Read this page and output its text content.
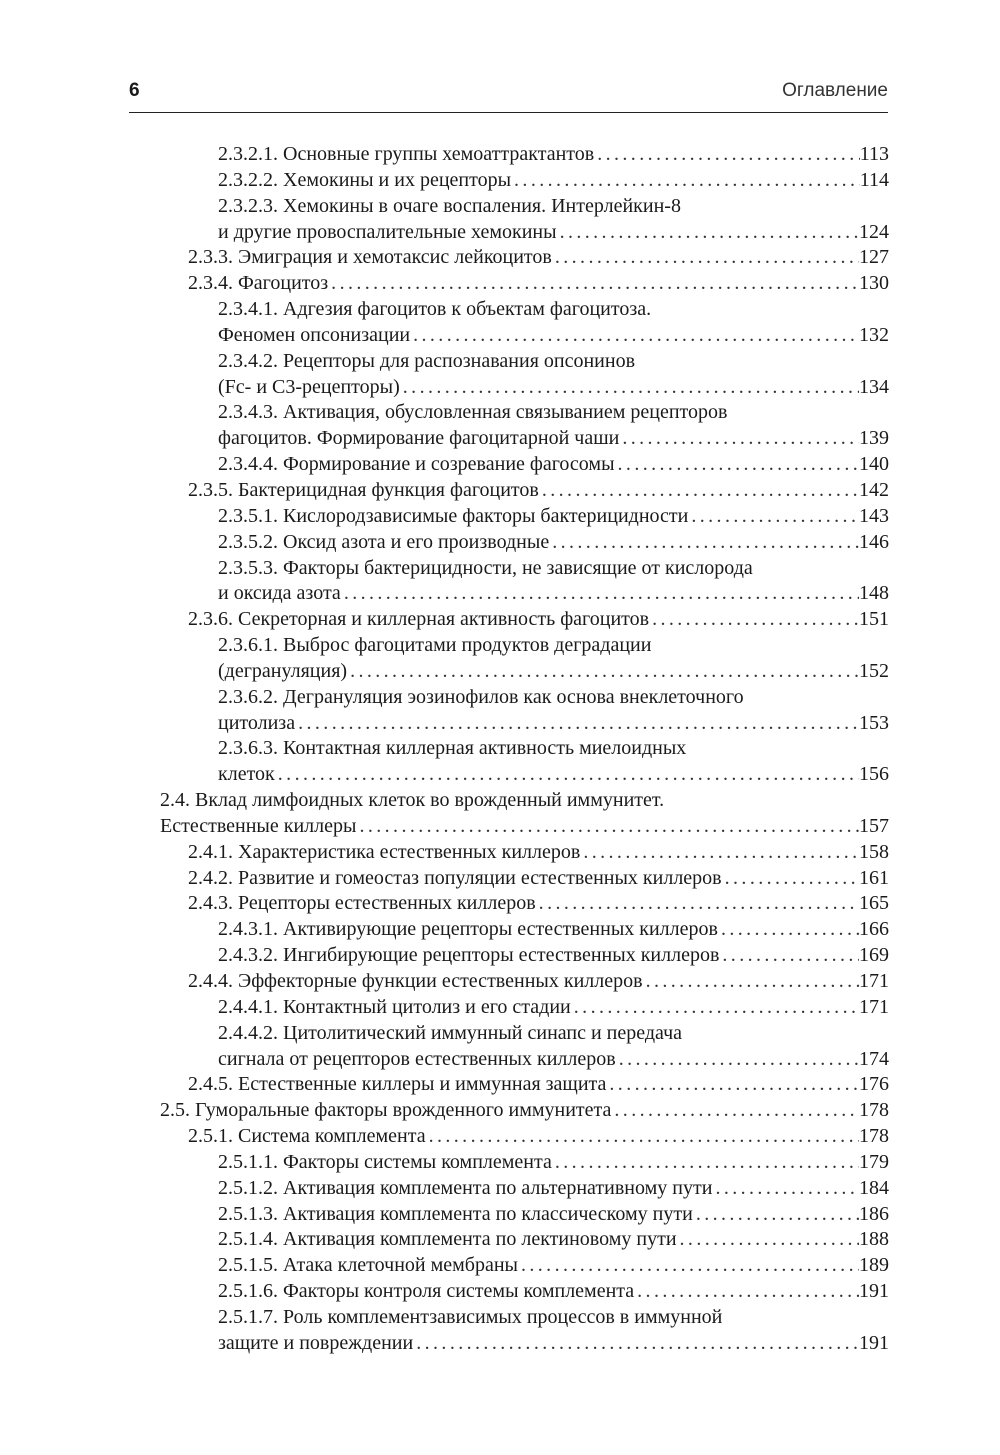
6	Оглавление
2.3.2.1. Основные группы хемоаттрактантов .....	113
2.3.2.2. Хемокины и их рецепторы .....	114
2.3.2.3. Хемокины в очаге воспаления. Интерлейкин-8
и другие провоспалительные хемокины .....	124
2.3.3. Эмиграция и хемотаксис лейкоцитов .....	127
2.3.4. Фагоцитоз .....	130
2.3.4.1. Адгезия фагоцитов к объектам фагоцитоза.
Феномен опсонизации .....	132
2.3.4.2. Рецепторы для распознавания опсонинов
(Fc- и С3-рецепторы) .....	134
2.3.4.3. Активация, обусловленная связыванием рецепторов
фагоцитов. Формирование фагоцитарной чаши .....	139
2.3.4.4. Формирование и созревание фагосомы .....	140
2.3.5. Бактерицидная функция фагоцитов .....	142
2.3.5.1. Кислородзависимые факторы бактерицидности .....	143
2.3.5.2. Оксид азота и его производные .....	146
2.3.5.3. Факторы бактерицидности, не зависящие от кислорода
и оксида азота .....	148
2.3.6. Секреторная и киллерная активность фагоцитов .....	151
2.3.6.1. Выброс фагоцитами продуктов деградации
(дегрануляция) .....	152
2.3.6.2. Дегрануляция эозинофилов как основа внеклеточного
цитолиза .....	153
2.3.6.3. Контактная киллерная активность миелоидных
клеток .....	156
2.4. Вклад лимфоидных клеток во врожденный иммунитет.
Естественные киллеры .....	157
2.4.1. Характеристика естественных киллеров .....	158
2.4.2. Развитие и гомеостаз популяции естественных киллеров .....	161
2.4.3. Рецепторы естественных киллеров .....	165
2.4.3.1. Активирующие рецепторы естественных киллеров .....	166
2.4.3.2. Ингибирующие рецепторы естественных киллеров .....	169
2.4.4. Эффекторные функции естественных киллеров .....	171
2.4.4.1. Контактный цитолиз и его стадии .....	171
2.4.4.2. Цитолитический иммунный синапс и передача
сигнала от рецепторов естественных киллеров .....	174
2.4.5. Естественные киллеры и иммунная защита .....	176
2.5. Гуморальные факторы врожденного иммунитета .....	178
2.5.1. Система комплемента .....	178
2.5.1.1. Факторы системы комплемента .....	179
2.5.1.2. Активация комплемента по альтернативному пути .....	184
2.5.1.3. Активация комплемента по классическому пути .....	186
2.5.1.4. Активация комплемента по лектиновому пути .....	188
2.5.1.5. Атака клеточной мембраны .....	189
2.5.1.6. Факторы контроля системы комплемента .....	191
2.5.1.7. Роль комплементзависимых процессов в иммунной
защите и повреждении .....	191
